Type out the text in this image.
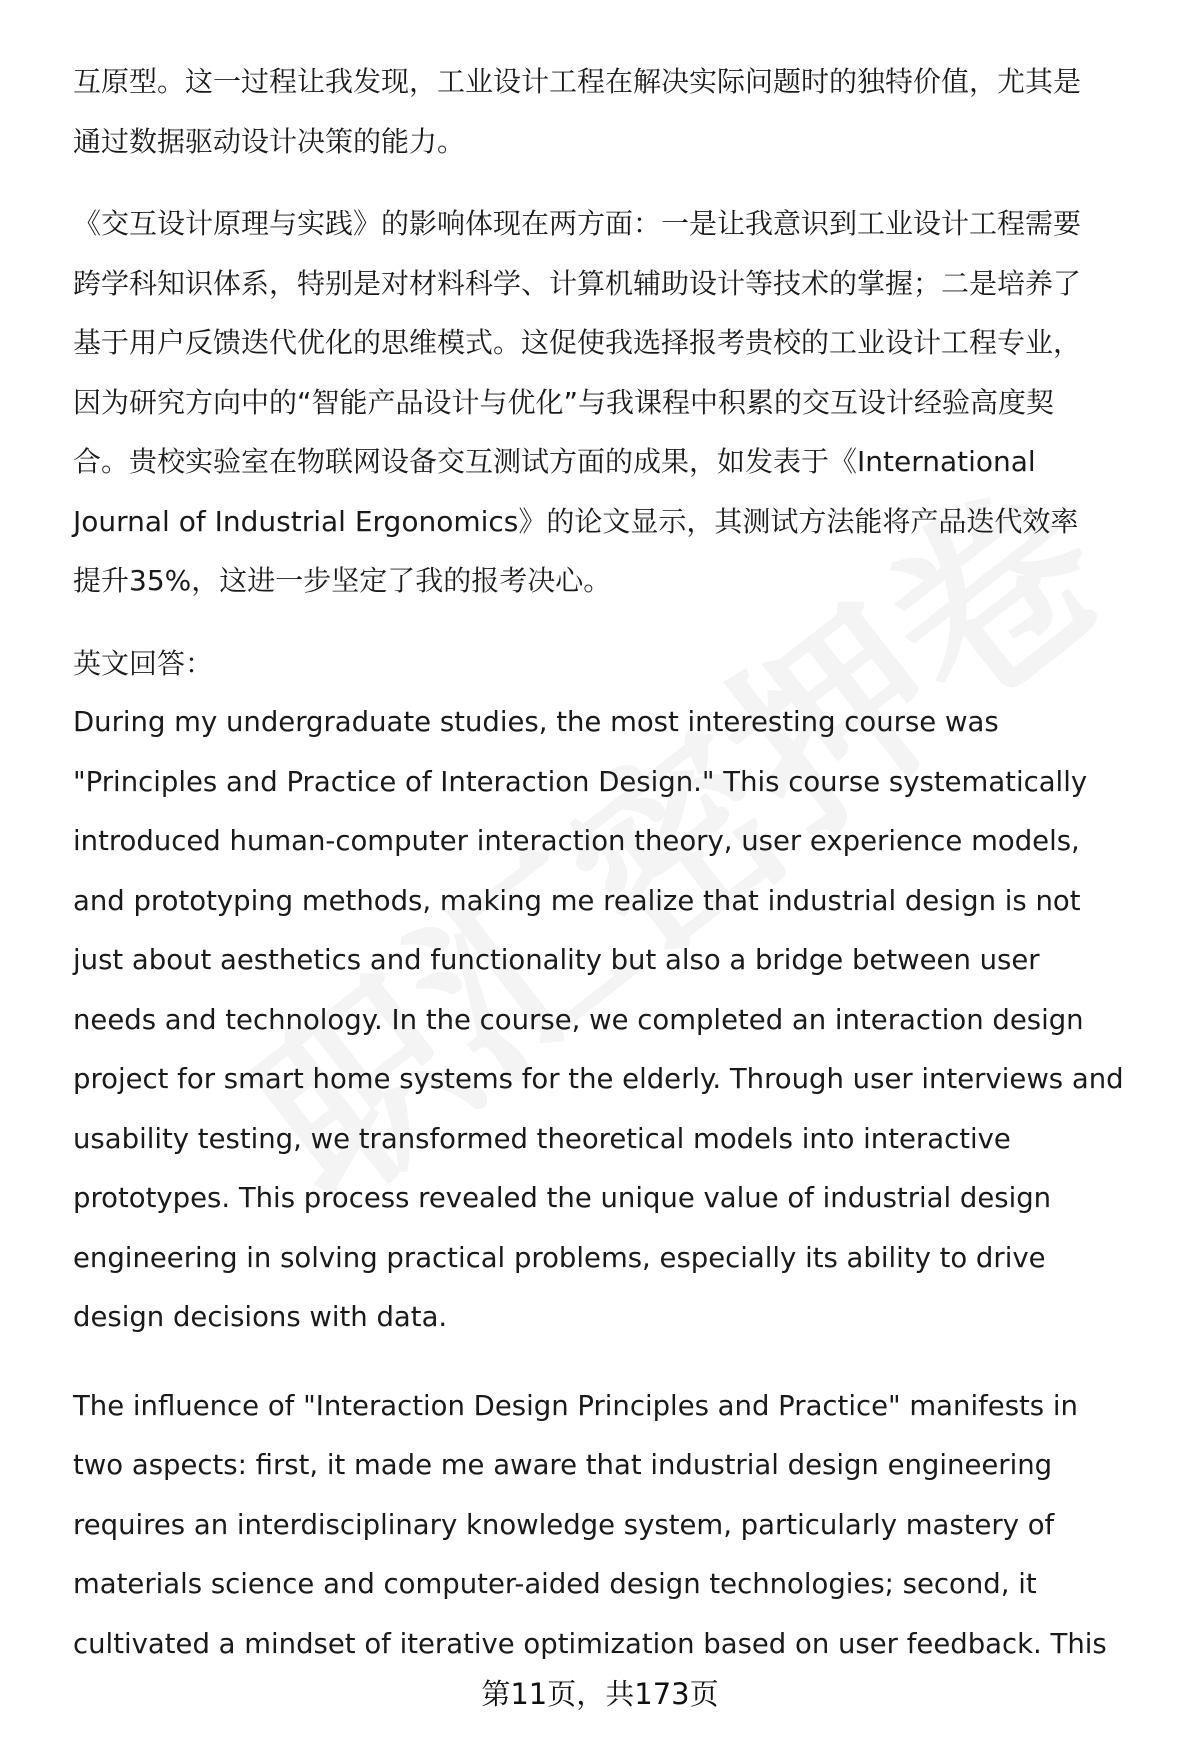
互原型。这一过程让我发现，工业设计工程在解决实际问题时的独特价值，尤其是
通过数据驱动设计决策的能力。

《交互设计原理与实践》的影响体现在两方面：一是让我意识到工业设计工程需要
跨学科知识体系，特别是对材料科学、计算机辅助设计等技术的掌握；二是培养了
基于用户反馈迭代优化的思维模式。这促使我选择报考贵校的工业设计工程专业，
因为研究方向中的“智能产品设计与优化”与我课程中积累的交互设计经验高度契
合。贵校实验室在物联网设备交互测试方面的成果，如发表于《International
Journal of Industrial Ergonomics》的论文显示，其测试方法能将产品迭代效率
提升35%，这进一步坚定了我的报考决心。

英文回答：

During my undergraduate studies, the most interesting course was
"Principles and Practice of Interaction Design." This course systematically
introduced human-computer interaction theory, user experience models,
and prototyping methods, making me realize that industrial design is not
just about aesthetics and functionality but also a bridge between user
needs and technology. In the course, we completed an interaction design
project for smart home systems for the elderly. Through user interviews and
usability testing, we transformed theoretical models into interactive
prototypes. This process revealed the unique value of industrial design
engineering in solving practical problems, especially its ability to drive
design decisions with data.

The influence of "Interaction Design Principles and Practice" manifests in
two aspects: first, it made me aware that industrial design engineering
requires an interdisciplinary knowledge system, particularly mastery of
materials science and computer-aided design technologies; second, it
cultivated a mindset of iterative optimization based on user feedback. This

第11页，共173页
